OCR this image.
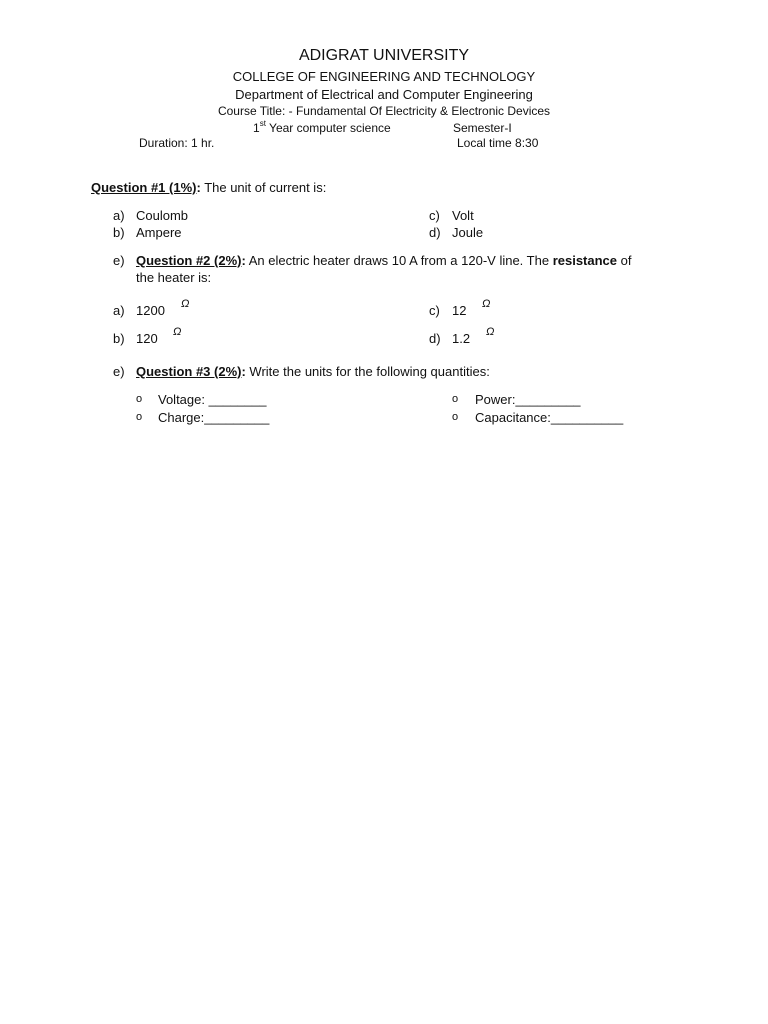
ADIGRAT UNIVERSITY
COLLEGE OF ENGINEERING AND TECHNOLOGY
Department of Electrical and Computer Engineering
Course Title: - Fundamental Of Electricity & Electronic Devices
1st Year computer science	Semester-I
Duration: 1 hr.	Local time 8:30
Question #1 (1%): The unit of current is:
a) Coulomb
b) Ampere
c) Volt
d) Joule
e) Question #2 (2%): An electric heater draws 10 A from a 120-V line. The resistance of
the heater is:
a) 1200 Ω
b) 120 Ω
c) 12 Ω
d) 1.2 Ω
e) Question #3 (2%): Write the units for the following quantities:
o Voltage: ________
o Charge:_________
o Power:_________
o Capacitance:__________
